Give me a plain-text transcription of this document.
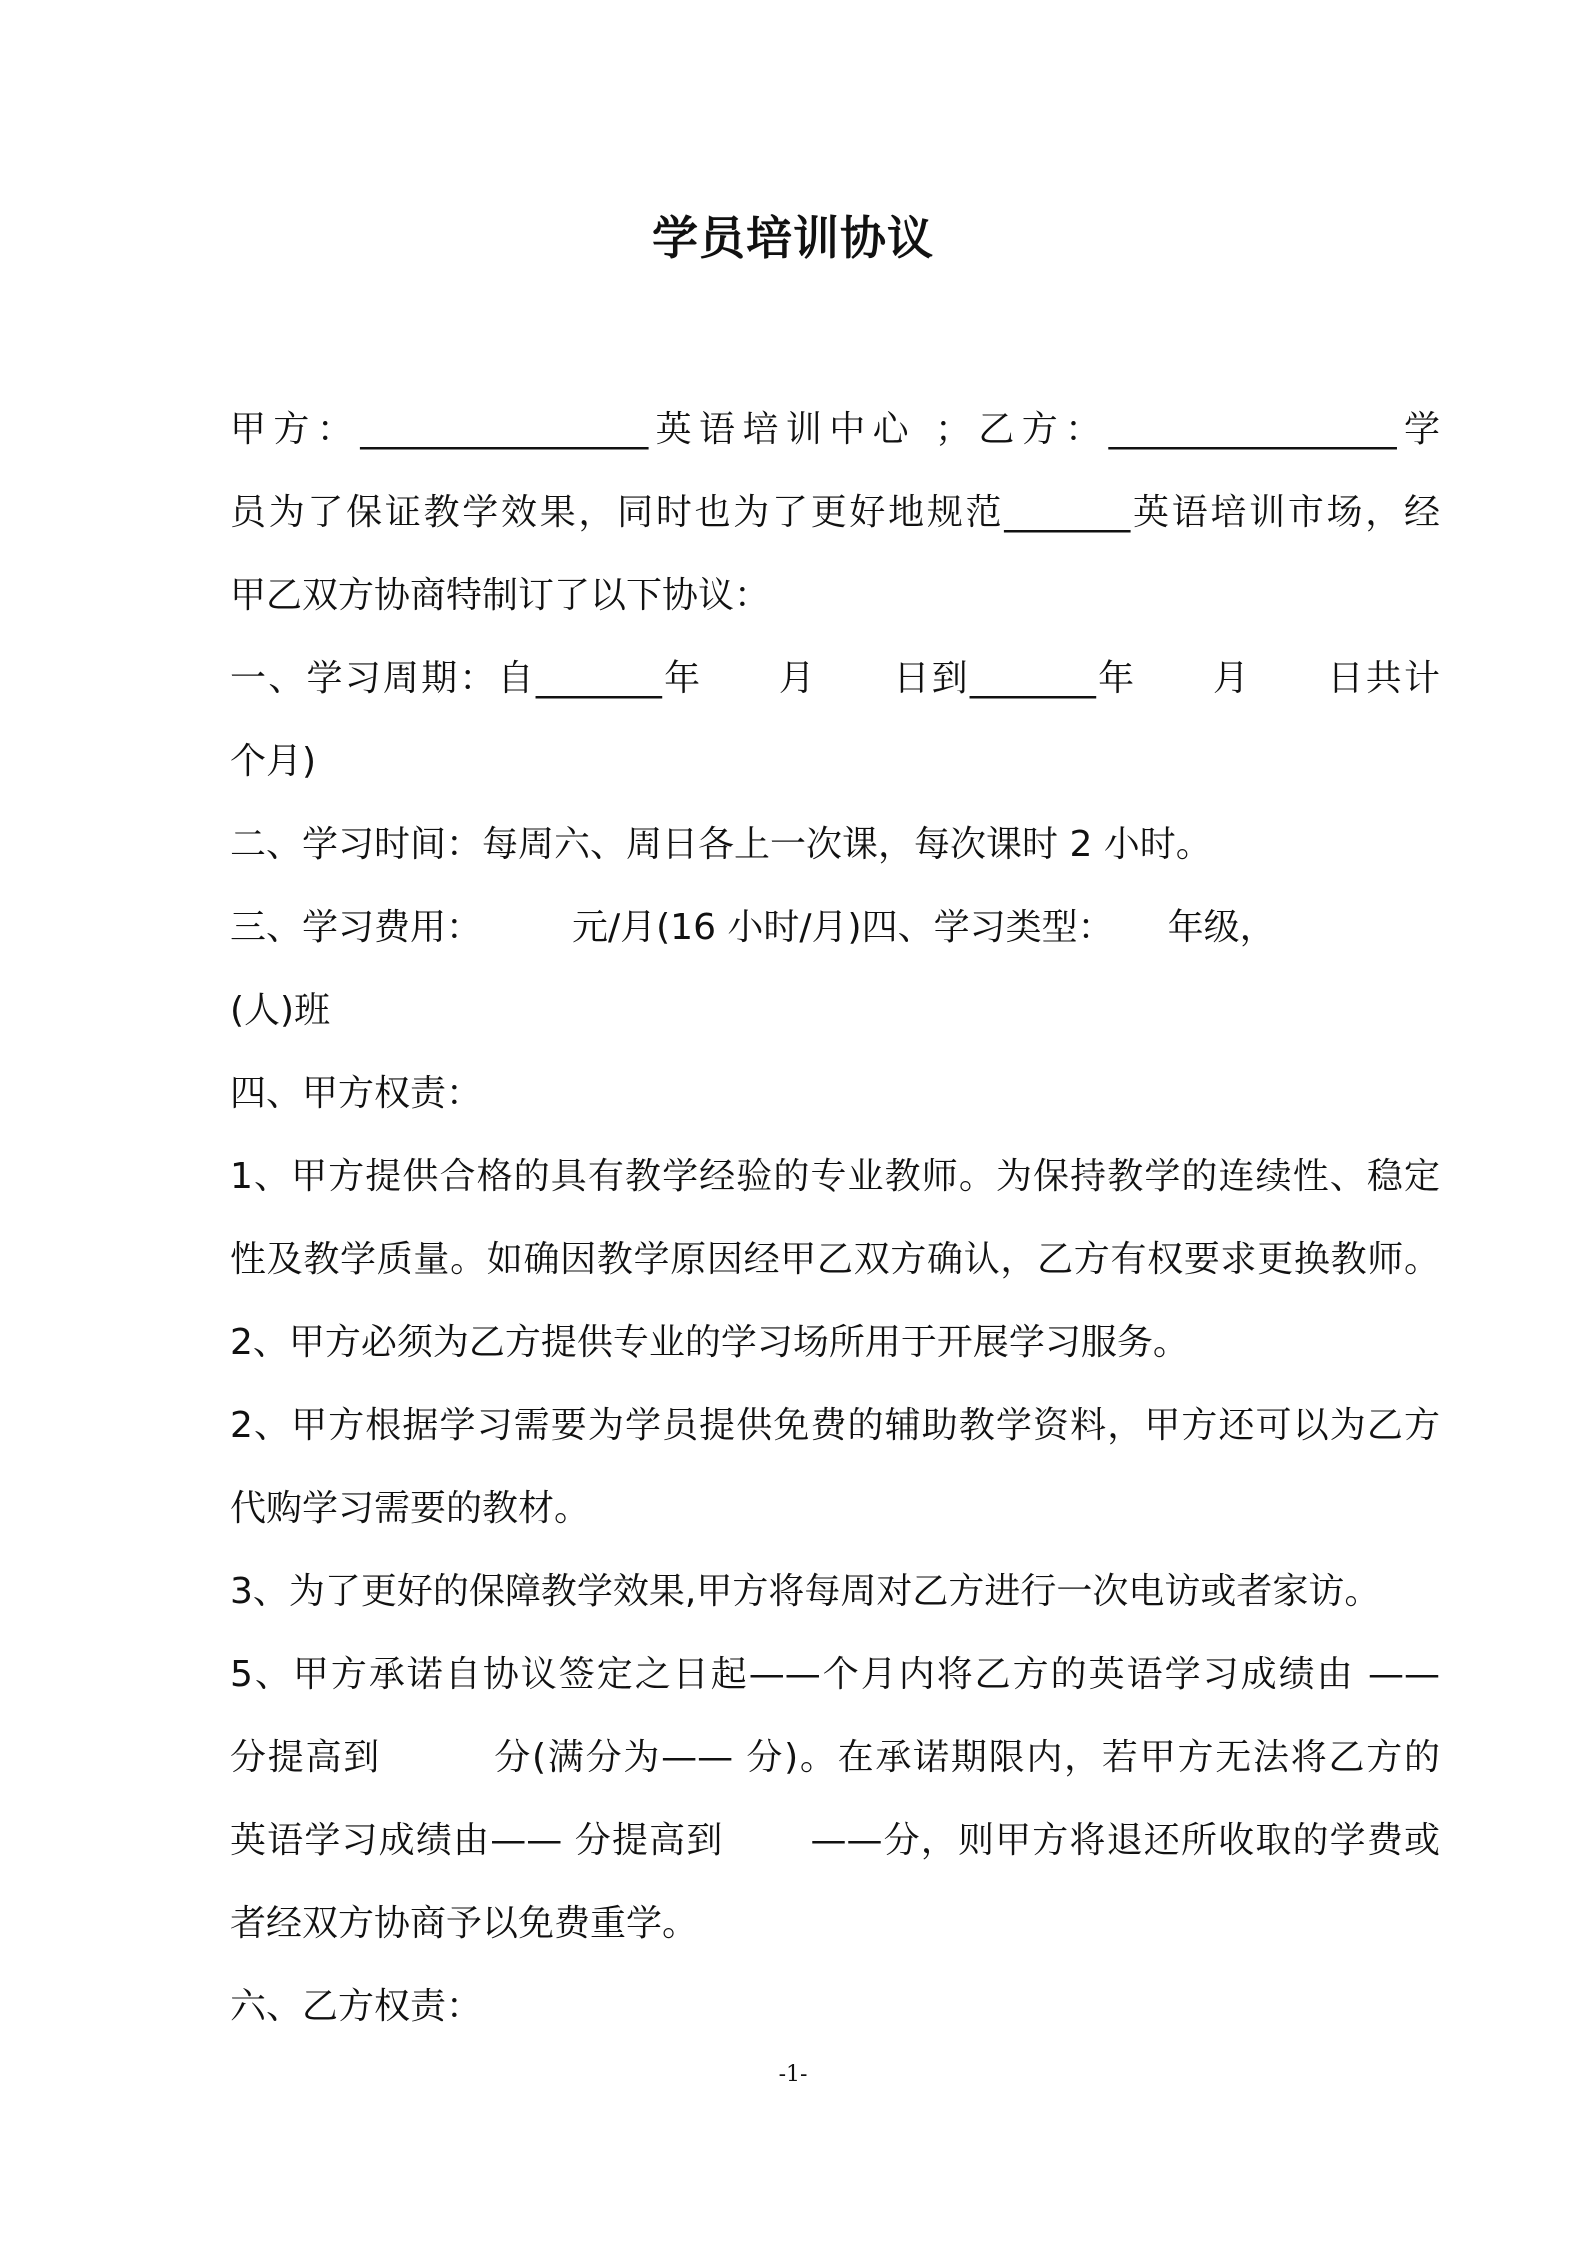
学员培训协议
甲方：________________英语培训中心 ；乙方：________________学
员为了保证教学效果，同时也为了更好地规范_______英语培训市场，经
甲乙双方协商特制订了以下协议：
一、学习周期：自_______年　　月　　日到_______年　　月　　日共计
个月)
二、学习时间：每周六、周日各上一次课，每次课时 2 小时。
三、学习费用：　　　元/月(16 小时/月)四、学习类型：　　年级，
(人)班
四、甲方权责：
1、甲方提供合格的具有教学经验的专业教师。为保持教学的连续性、稳定
性及教学质量。如确因教学原因经甲乙双方确认，乙方有权要求更换教师。
2、甲方必须为乙方提供专业的学习场所用于开展学习服务。
2、甲方根据学习需要为学员提供免费的辅助教学资料，甲方还可以为乙方
代购学习需要的教材。
3、为了更好的保障教学效果,甲方将每周对乙方进行一次电访或者家访。
5、甲方承诺自协议签定之日起——个月内将乙方的英语学习成绩由 ——
分提高到　　　分(满分为—— 分)。在承诺期限内，若甲方无法将乙方的
英语学习成绩由—— 分提高到　　 ——分，则甲方将退还所收取的学费或
者经双方协商予以免费重学。
六、乙方权责：
-1-
